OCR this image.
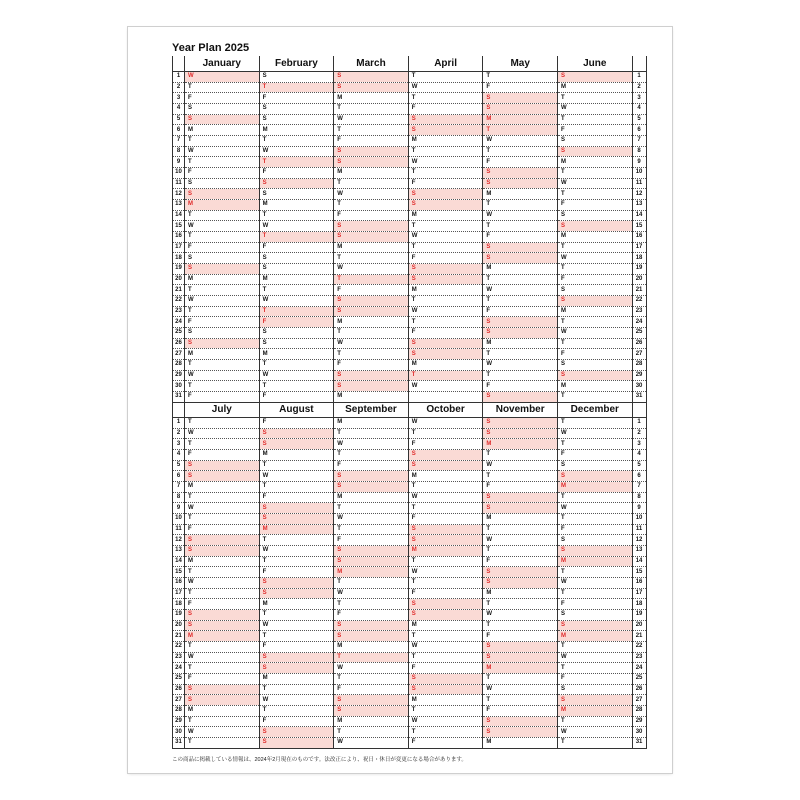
Year Plan 2025
	January	February	March	April	May	June	
1	W	S	S	T	T	S	1
2	T	T	S	W	F	M	2
3	F	F	M	T	S	T	3
4	S	S	T	F	S	W	4
5	S	S	W	S	M	T	5
6	M	M	T	S	T	F	6
7	T	T	F	M	W	S	7
8	W	W	S	T	T	S	8
9	T	T	S	W	F	M	9
10	F	F	M	T	S	T	10
11	S	S	T	F	S	W	11
12	S	S	W	S	M	T	12
13	M	M	T	S	T	F	13
14	T	T	F	M	W	S	14
15	W	W	S	T	T	S	15
16	T	T	S	W	F	M	16
17	F	F	M	T	S	T	17
18	S	S	T	F	S	W	18
19	S	S	W	S	M	T	19
20	M	M	T	S	T	F	20
21	T	T	F	M	W	S	21
22	W	W	S	T	T	S	22
23	T	T	S	W	F	M	23
24	F	F	M	T	S	T	24
25	S	S	T	F	S	W	25
26	S	S	W	S	M	T	26
27	M	M	T	S	T	F	27
28	T	T	F	M	W	S	28
29	W	W	S	T	T	S	29
30	T	T	S	W	F	M	30
31	F	F	M		S	T	31
	July	August	September	October	November	December	
1	T	F	M	W	S	T	1
2	W	S	T	T	S	W	2
3	T	S	W	F	M	T	3
4	F	M	T	S	T	F	4
5	S	T	F	S	W	S	5
6	S	W	S	M	T	S	6
7	M	T	S	T	F	M	7
8	T	F	M	W	S	T	8
9	W	S	T	T	S	W	9
10	T	S	W	F	M	T	10
11	F	M	T	S	T	F	11
12	S	T	F	S	W	S	12
13	S	W	S	M	T	S	13
14	M	T	S	T	F	M	14
15	T	F	M	W	S	T	15
16	W	S	T	T	S	W	16
17	T	S	W	F	M	T	17
18	F	M	T	S	T	F	18
19	S	T	F	S	W	S	19
20	S	W	S	M	T	S	20
21	M	T	S	T	F	M	21
22	T	F	M	W	S	T	22
23	W	S	T	T	S	W	23
24	T	S	W	F	M	T	24
25	F	M	T	S	T	F	25
26	S	T	F	S	W	S	26
27	S	W	S	M	T	S	27
28	M	T	S	T	F	M	28
29	T	F	M	W	S	T	29
30	W	S	T	T	S	W	30
31	T	S	W	F	M	T	31
この商品に掲載している情報は、2024年2月現在のものです。法改正により、祝日・休日が変更になる場合があります。
